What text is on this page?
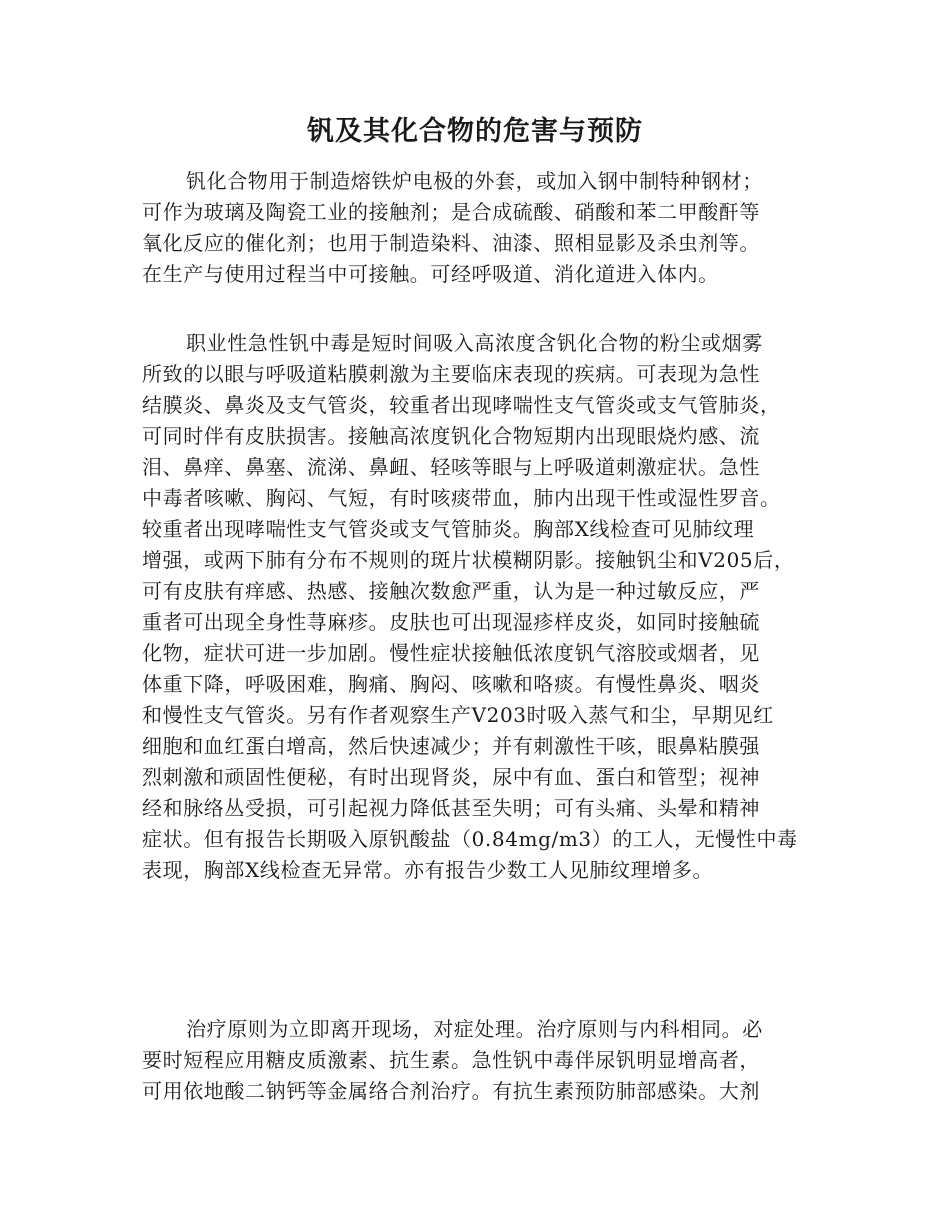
钒及其化合物的危害与预防
钒化合物用于制造熔铁炉电极的外套，或加入钢中制特种钢材；
可作为玻璃及陶瓷工业的接触剂；是合成硫酸、硝酸和苯二甲酸酐等
氧化反应的催化剂；也用于制造染料、油漆、照相显影及杀虫剂等。
在生产与使用过程当中可接触。可经呼吸道、消化道进入体内。
职业性急性钒中毒是短时间吸入高浓度含钒化合物的粉尘或烟雾
所致的以眼与呼吸道粘膜刺激为主要临床表现的疾病。可表现为急性
结膜炎、鼻炎及支气管炎，较重者出现哮喘性支气管炎或支气管肺炎，
可同时伴有皮肤损害。接触高浓度钒化合物短期内出现眼烧灼感、流
泪、鼻痒、鼻塞、流涕、鼻衄、轻咳等眼与上呼吸道刺激症状。急性
中毒者咳嗽、胸闷、气短，有时咳痰带血，肺内出现干性或湿性罗音。
较重者出现哮喘性支气管炎或支气管肺炎。胸部X线检查可见肺纹理
增强，或两下肺有分布不规则的斑片状模糊阴影。接触钒尘和V205后，
可有皮肤有痒感、热感、接触次数愈严重，认为是一种过敏反应，严
重者可出现全身性荨麻疹。皮肤也可出现湿疹样皮炎，如同时接触硫
化物，症状可进一步加剧。慢性症状接触低浓度钒气溶胶或烟者，见
体重下降，呼吸困难，胸痛、胸闷、咳嗽和咯痰。有慢性鼻炎、咽炎
和慢性支气管炎。另有作者观察生产V203时吸入蒸气和尘，早期见红
细胞和血红蛋白增高，然后快速减少；并有刺激性干咳，眼鼻粘膜强
烈刺激和顽固性便秘，有时出现肾炎，尿中有血、蛋白和管型；视神
经和脉络丛受损，可引起视力降低甚至失明；可有头痛、头晕和精神
症状。但有报告长期吸入原钒酸盐（0.84mg/m3）的工人，无慢性中毒
表现，胸部X线检查无异常。亦有报告少数工人见肺纹理增多。
治疗原则为立即离开现场，对症处理。治疗原则与内科相同。必
要时短程应用糖皮质激素、抗生素。急性钒中毒伴尿钒明显增高者，
可用依地酸二钠钙等金属络合剂治疗。有抗生素预防肺部感染。大剂
